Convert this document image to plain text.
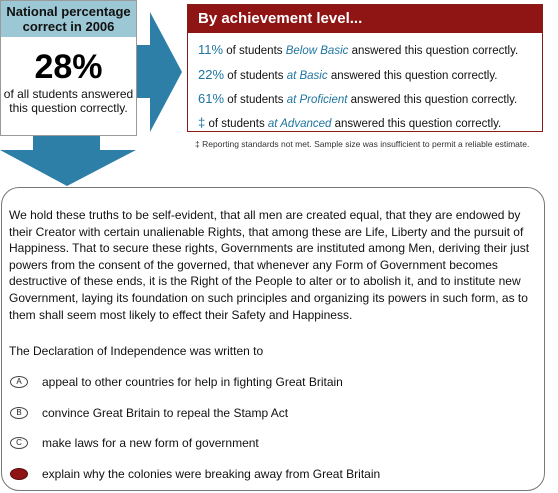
National percentage correct in 2006
28%
of all students answered this question correctly.
By achievement level...
11% of students Below Basic answered this question correctly.
22% of students at Basic answered this question correctly.
61% of students at Proficient answered this question correctly.
‡ of students at Advanced answered this question correctly.
‡ Reporting standards not met. Sample size was insufficient to permit a reliable estimate.
We hold these truths to be self-evident, that all men are created equal, that they are endowed by their Creator with certain unalienable Rights, that among these are Life, Liberty and the pursuit of Happiness. That to secure these rights, Governments are instituted among Men, deriving their just powers from the consent of the governed, that whenever any Form of Government becomes destructive of these ends, it is the Right of the People to alter or to abolish it, and to institute new Government, laying its foundation on such principles and organizing its powers in such form, as to them shall seem most likely to effect their Safety and Happiness.
The Declaration of Independence was written to
A	appeal to other countries for help in fighting Great Britain
B	convince Great Britain to repeal the Stamp Act
C	make laws for a new form of government
explain why the colonies were breaking away from Great Britain
